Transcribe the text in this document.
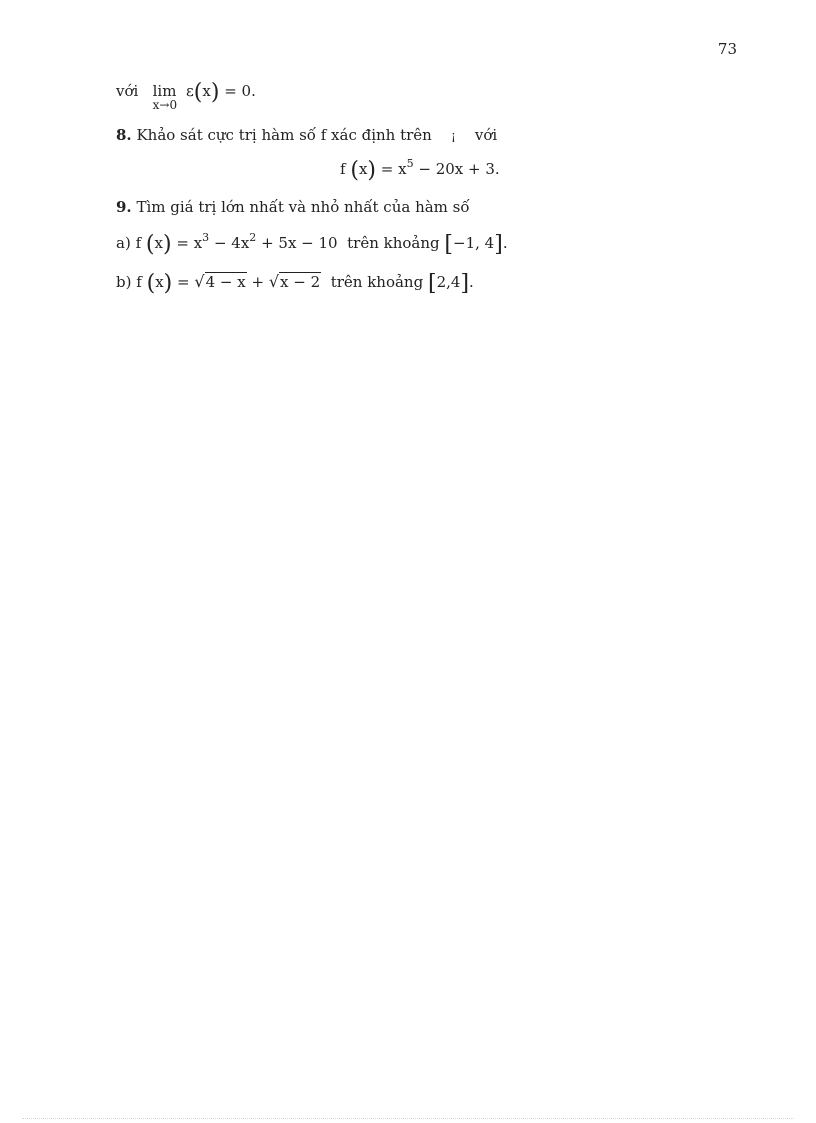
73
với lim
x→0
ε(x) = 0.
8. Khảo sát cực trị hàm số f xác định trên ¡ với
f $(x) = x^5 - 20x + 3$.
9. Tìm giá trị lớn nhất và nhỏ nhất của hàm số
a) f $(x) = x^3 - 4x^2 + 5x - 10$ trên khoảng [−1, 4].
b) f (x) = √4 − x + √x − 2 trên khoảng [2,4].
